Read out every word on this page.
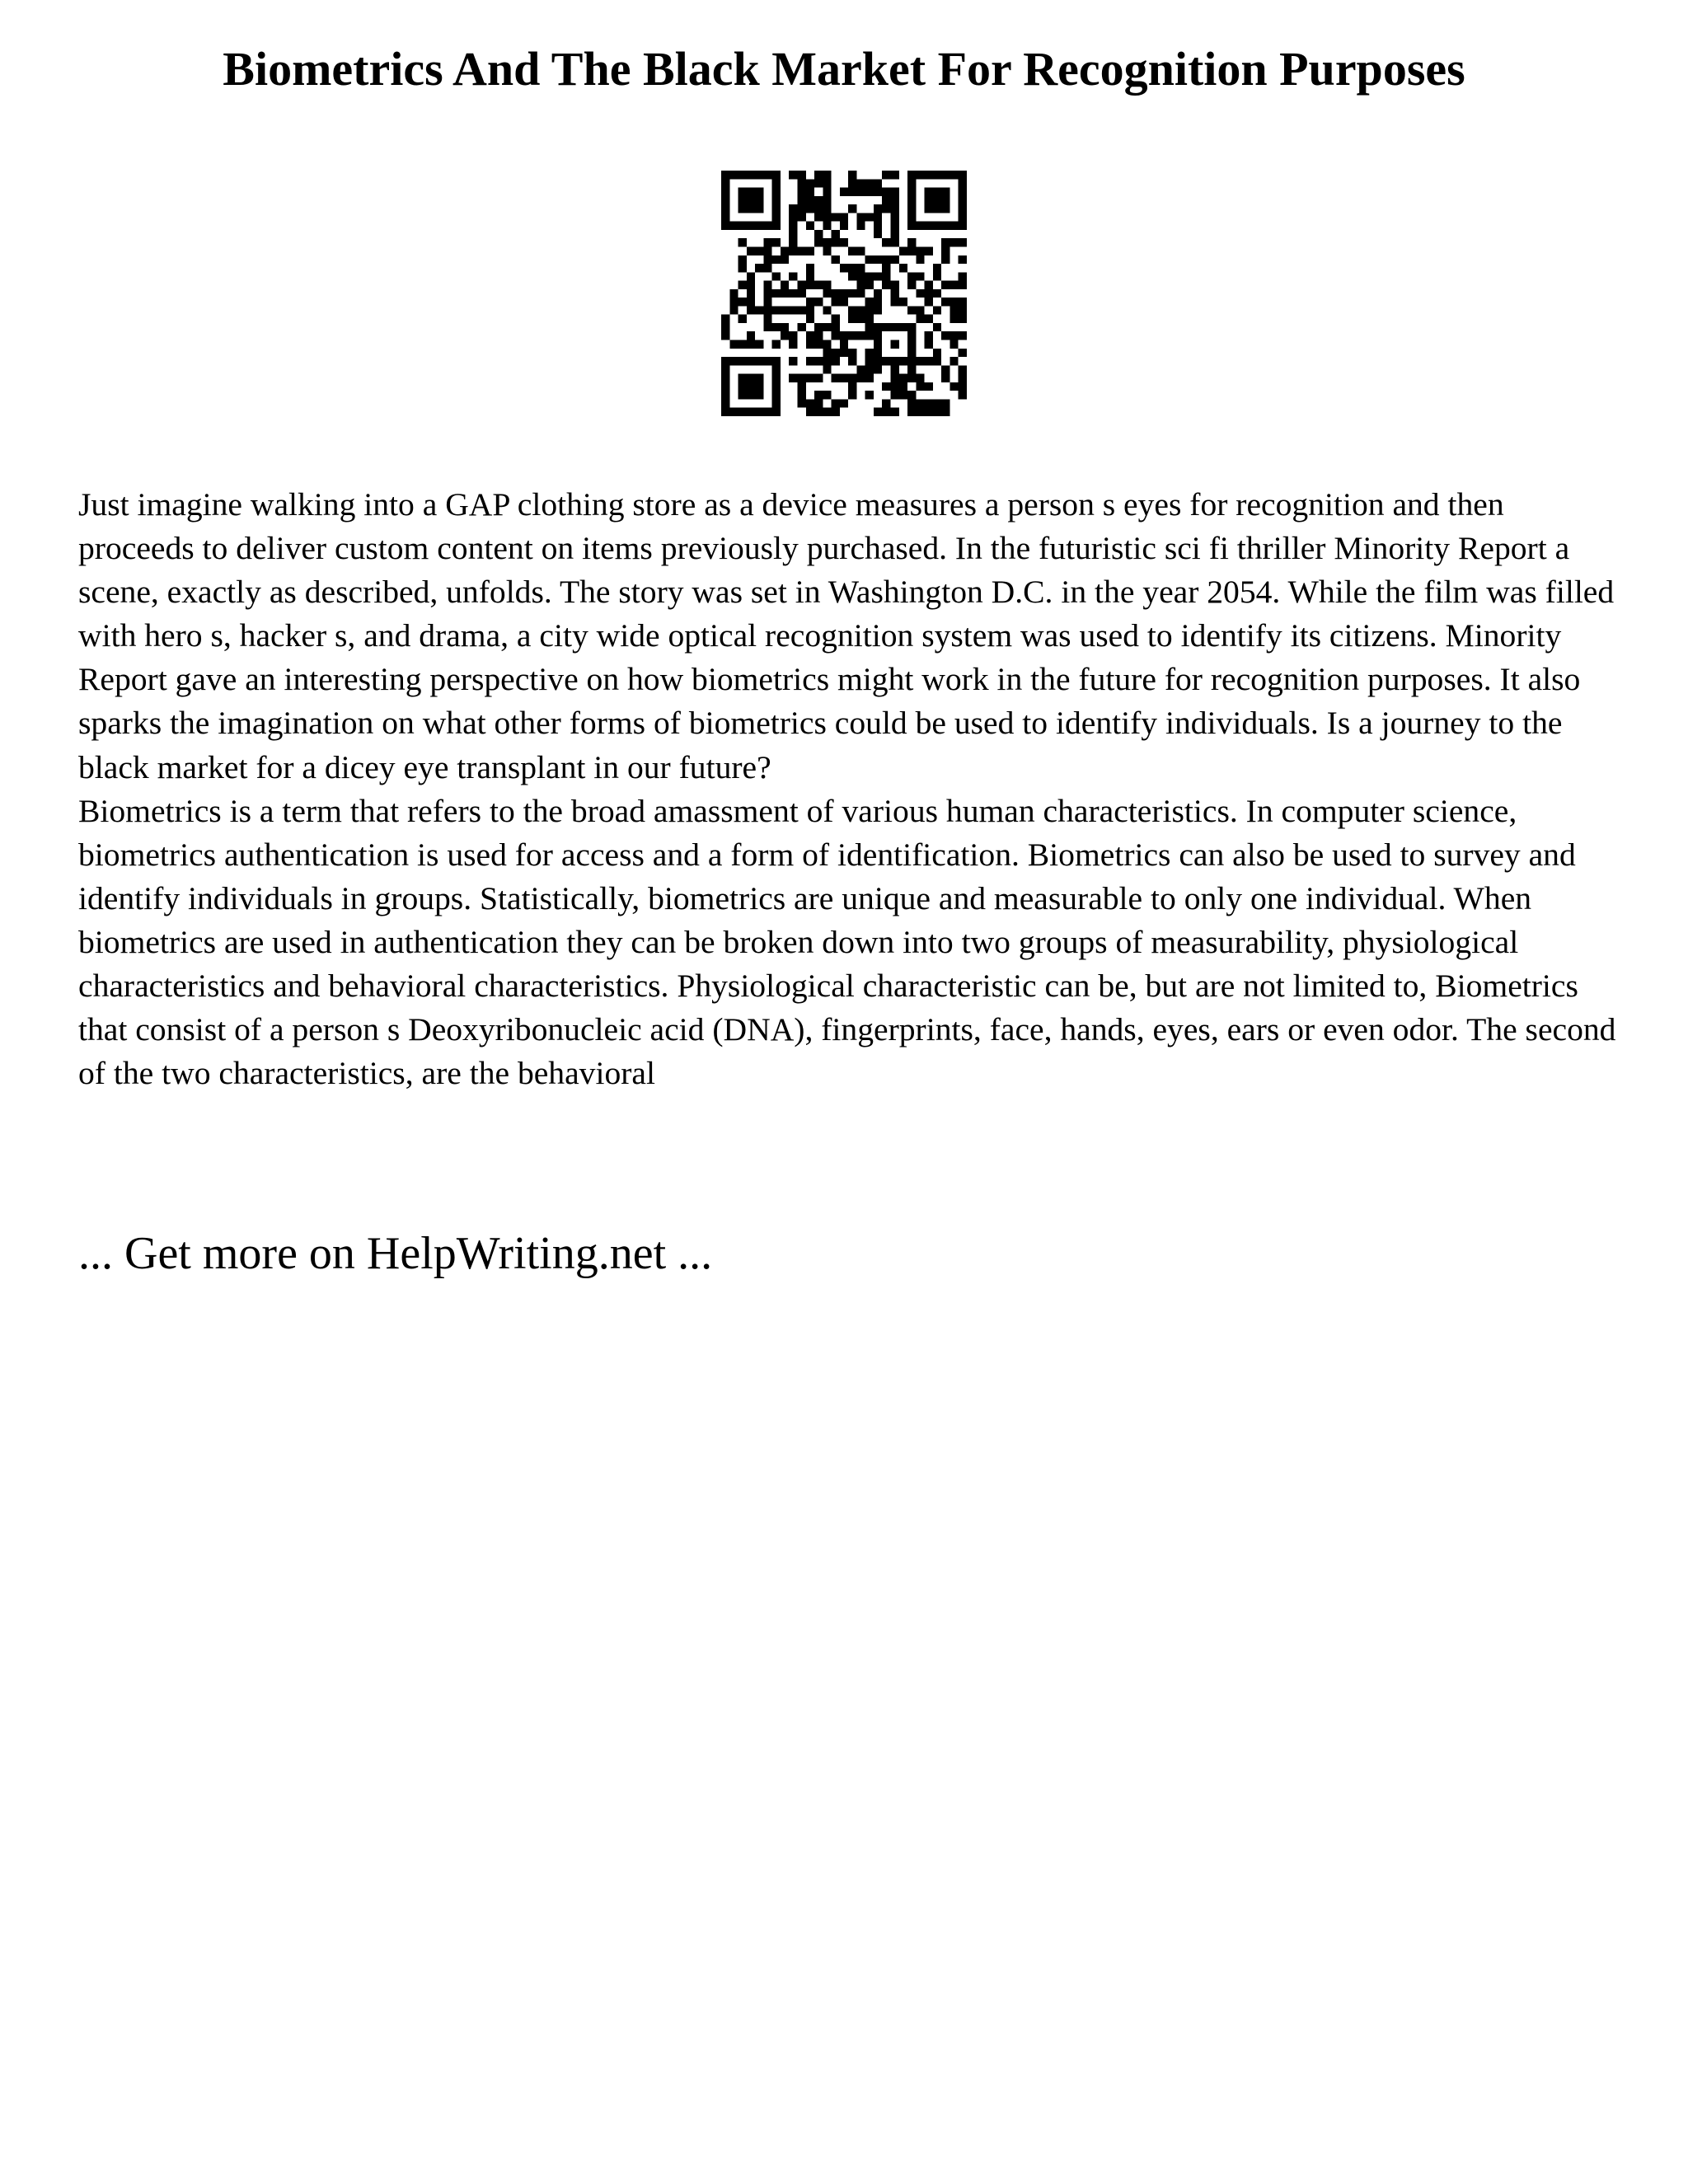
Biometrics And The Black Market For Recognition Purposes

Just imagine walking into a GAP clothing store as a device measures a person s eyes for recognition and then proceeds to deliver custom content on items previously purchased. In the futuristic sci fi thriller Minority Report a scene, exactly as described, unfolds. The story was set in Washington D.C. in the year 2054. While the film was filled with hero s, hacker s, and drama, a city wide optical recognition system was used to identify its citizens. Minority Report gave an interesting perspective on how biometrics might work in the future for recognition purposes. It also sparks the imagination on what other forms of biometrics could be used to identify individuals. Is a journey to the black market for a dicey eye transplant in our future?

Biometrics is a term that refers to the broad amassment of various human characteristics. In computer science, biometrics authentication is used for access and a form of identification. Biometrics can also be used to survey and identify individuals in groups. Statistically, biometrics are unique and measurable to only one individual. When biometrics are used in authentication they can be broken down into two groups of measurability, physiological characteristics and behavioral characteristics. Physiological characteristic can be, but are not limited to, Biometrics that consist of a person s Deoxyribonucleic acid (DNA), fingerprints, face, hands, eyes, ears or even odor. The second of the two characteristics, are the behavioral

... Get more on HelpWriting.net ...
